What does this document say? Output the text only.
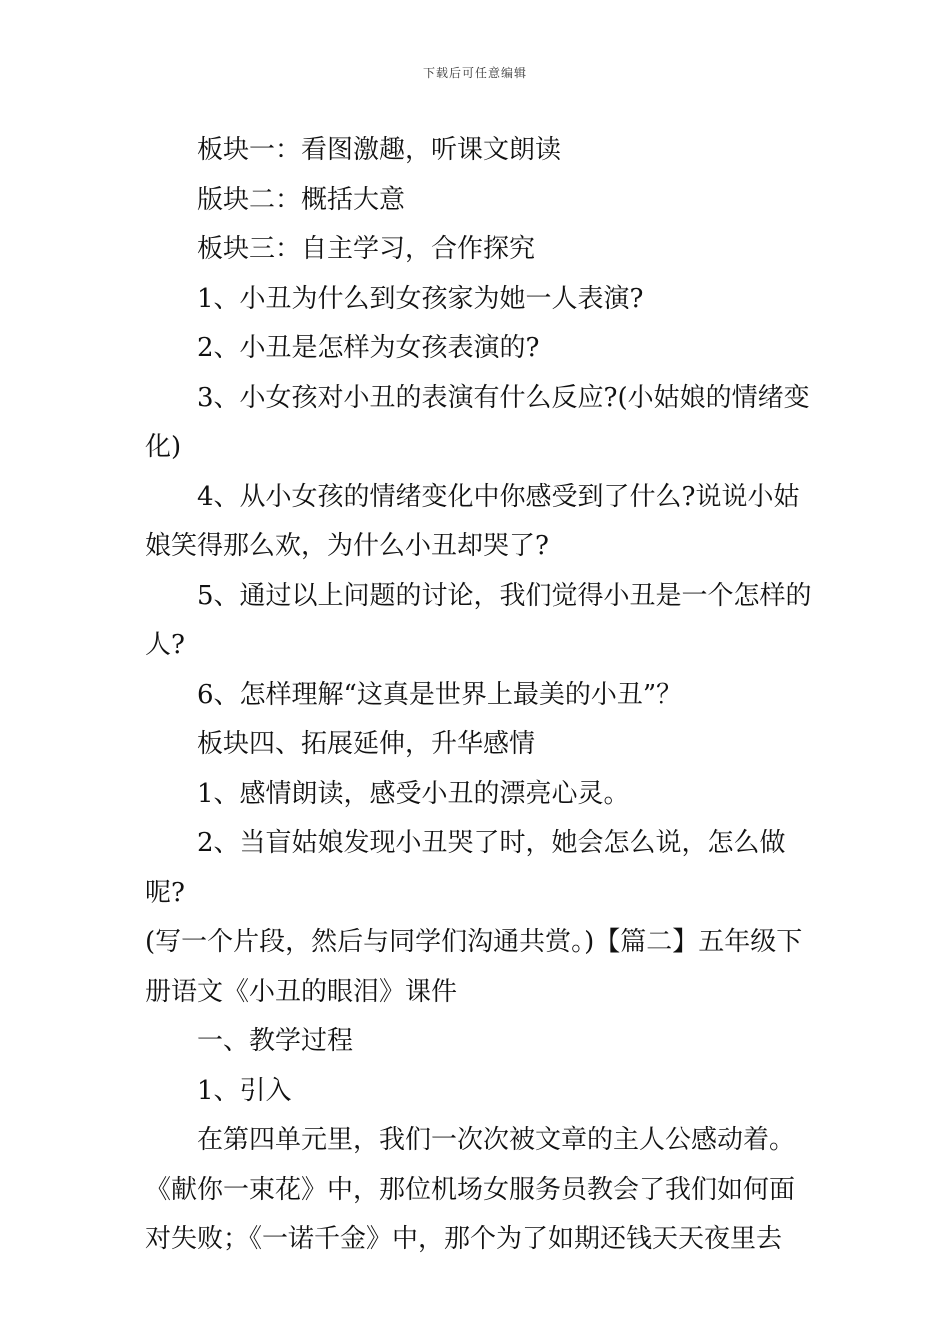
下载后可任意编辑

板块一：看图激趣，听课文朗读

版块二：概括大意

板块三：自主学习，合作探究

1、小丑为什么到女孩家为她一人表演?

2、小丑是怎样为女孩表演的?

3、小女孩对小丑的表演有什么反应?(小姑娘的情绪变化)

4、从小女孩的情绪变化中你感受到了什么?说说小姑娘笑得那么欢，为什么小丑却哭了?

5、通过以上问题的讨论，我们觉得小丑是一个怎样的人?

6、怎样理解“这真是世界上最美的小丑”？

板块四、拓展延伸，升华感情

1、感情朗读，感受小丑的漂亮心灵。

2、当盲姑娘发现小丑哭了时，她会怎么说，怎么做呢?

(写一个片段，然后与同学们沟通共赏。)【篇二】五年级下册语文《小丑的眼泪》课件

一、教学过程

1、引入

在第四单元里，我们一次次被文章的主人公感动着。

《献你一束花》中，那位机场女服务员教会了我们如何面对失败；《一诺千金》中，那个为了如期还钱天天夜里去
